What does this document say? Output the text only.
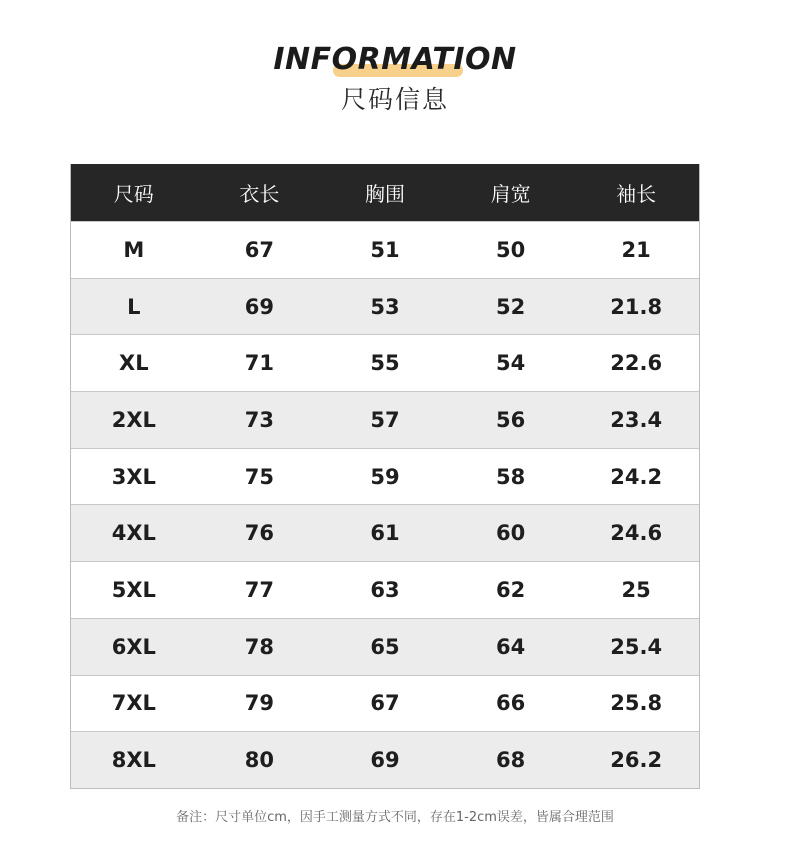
INFORMATION
尺码信息
尺码	衣长	胸围	肩宽	袖长
M	67	51	50	21
L	69	53	52	21.8
XL	71	55	54	22.6
2XL	73	57	56	23.4
3XL	75	59	58	24.2
4XL	76	61	60	24.6
5XL	77	63	62	25
6XL	78	65	64	25.4
7XL	79	67	66	25.8
8XL	80	69	68	26.2
备注：尺寸单位cm，因手工测量方式不同，存在1-2cm误差，皆属合理范围
